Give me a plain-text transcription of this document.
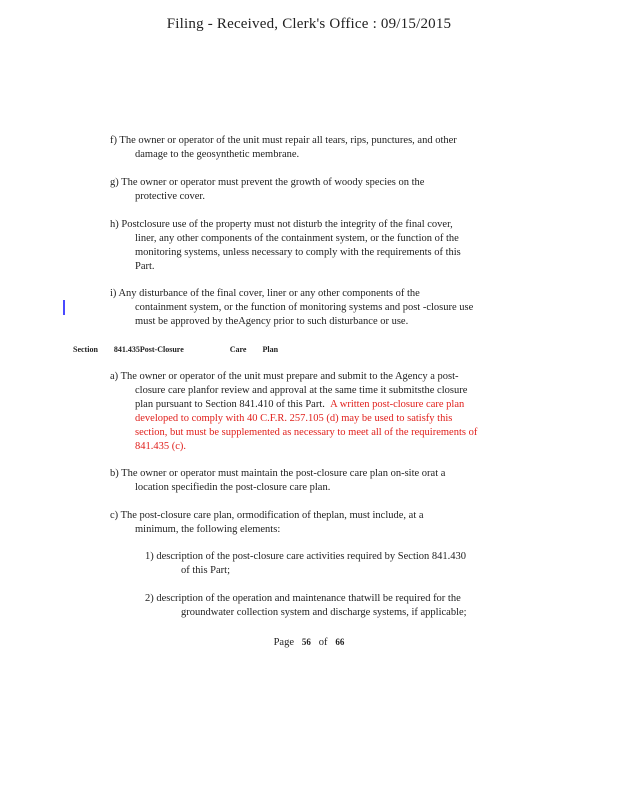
Filing - Received, Clerk's Office : 09/15/2015
f) The owner or operator of the unit must repair all tears, rips, punctures, and other
damage to the geosynthetic membrane.
g) The owner or operator must prevent the growth of woody species on the
protective cover.
h) Postclosure use of the property must not disturb the integrity of the final cover,
liner, any other components of the containment system, or the function of the
monitoring systems, unless necessary to comply with the requirements of this
Part.
i) Any disturbance of the final cover, liner or any other components of the
containment system, or the function of monitoring systems and post -closure use
must be approved by theAgency prior to such disturbance or use.
Section 841.435Post-Closure	Care Plan
a) The owner or operator of the unit must prepare and submit to the Agency a post-
closure care planfor review and approval at the same time it submitsthe closure
plan pursuant to Section 841.410 of this Part. A written post-closure care plan
developed to comply with 40 C.F.R. 257.105 (d) may be used to satisfy this
section, but must be supplemented as necessary to meet all of the requirements of
841.435 (c).
b) The owner or operator must maintain the post-closure care plan on-site orat a
location specifiedin the post-closure care plan.
c) The post-closure care plan, ormodification of theplan, must include, at a
minimum, the following elements:
1) description of the post-closure care activities required by Section 841.430
of this Part;
2) description of the operation and maintenance thatwill be required for the
groundwater collection system and discharge systems, if applicable;
Page 56 of 66
